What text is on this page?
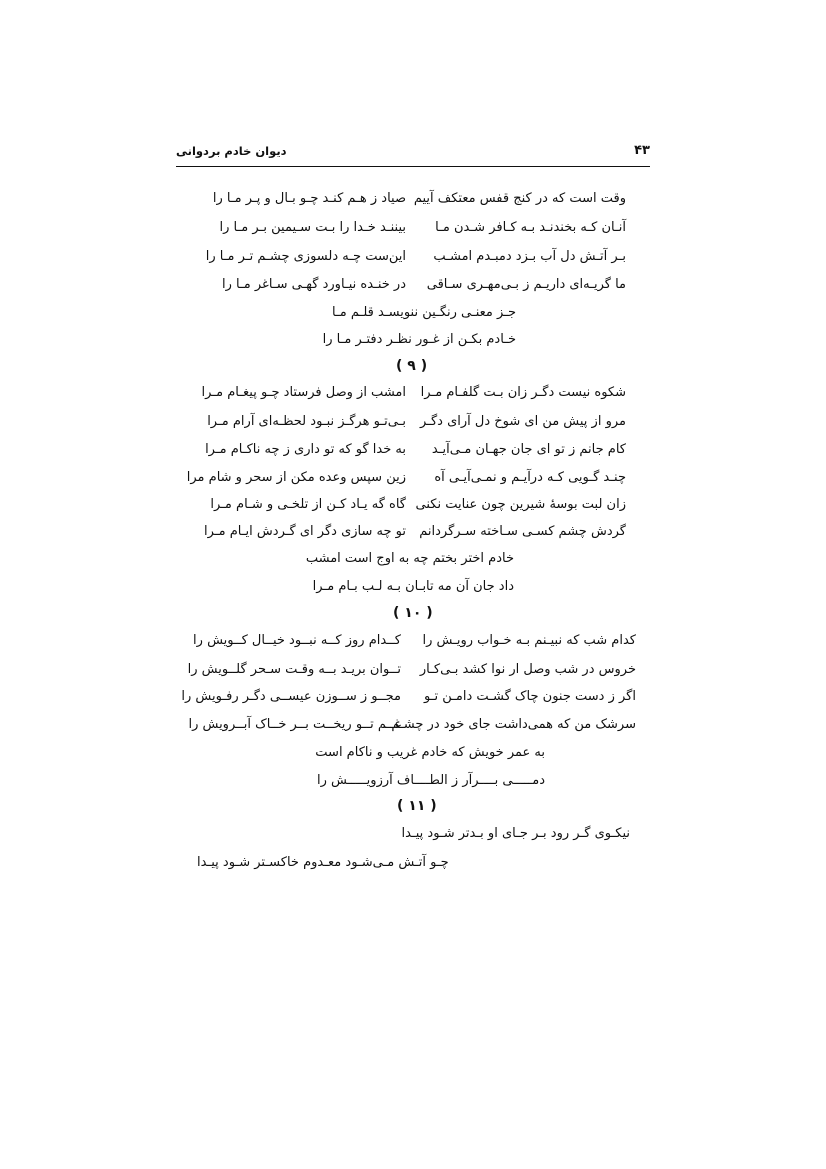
۴۳
دیوان خادم بردوانی
وقت است که در کنج قفس معتکف آییم
صیاد ز هـم کنـد چـو بـال و پـر مـا را
آنـان کـه بخندنـد بـه کـافر شـدن مـا
بیننـد خـدا را بـت سـیمین بـر مـا را
بـر آتـش دل آب بـزد دمبـدم امشـب
این‌ست چـه دلسوزی چشـم تـر مـا را
ما گریـه‌ای داریـم ز بـی‌مهـری سـاقی
در خنـده نیـاورد گهـی سـاغر مـا را
جـز معنـی رنگـین ننویسـد قلـم مـا
خـادم بکـن از غـور نظـر دفتـر مـا را
( ۹ )
شکوه نیست دگـر زان بـت گلفـام مـرا
امشب از وصل فرستاد چـو پیغـام مـرا
مرو از پیش من ای شوخ دل آرای دگـر
بـی‌تـو هرگـز نبـود لحظـه‌ای آرام مـرا
کام جانم ز تو ای جان جهـان مـی‌آیـد
به خدا گو که تو داری ز چه ناکـام مـرا
چنـد گـویی کـه درآیـم و نمـی‌آیـی آه
زین سپس وعده مکن از سحر و شام مرا
زان لبت بوسهٔ شیرین چون عنایت نکنی
گاه گه یـاد کـن از تلخـی و شـام مـرا
گردش چشم کسـی سـاخته سـرگردانم
تو چه سازی دگر ای گـردش ایـام مـرا
خادم اختر بختم چه به اوج است امشب
داد جان آن مه تابـان بـه لـب بـام مـرا
( ۱۰ )
کدام شب که نبیـنم بـه خـواب رویـش را
کــدام روز کــه نبــود خیــال کــویش را
خروس در شب وصل ار نوا کشد بـی‌کـار
تــوان بریـد بــه وقـت سـحر گلــویش را
اگر ز دست جنون چاک گشـت دامـن تـو
مجــو ز ســوزن عیســی دگـر رفـویش را
سرشک من که همی‌داشت جای خود در چشـم
غــم تــو ریخــت بــر خــاک آبــرویش را
به عمر خویش که خادم غریب و ناکام است
دمـــــی بــــرآر ز الطــــاف آرزویـــــش را
( ۱۱ )
نیکـوی گـر رود بـر جـای او بـدتر شـود پیـدا
چـو آتـش مـی‌شـود معـدوم خاکسـتر شـود پیـدا
